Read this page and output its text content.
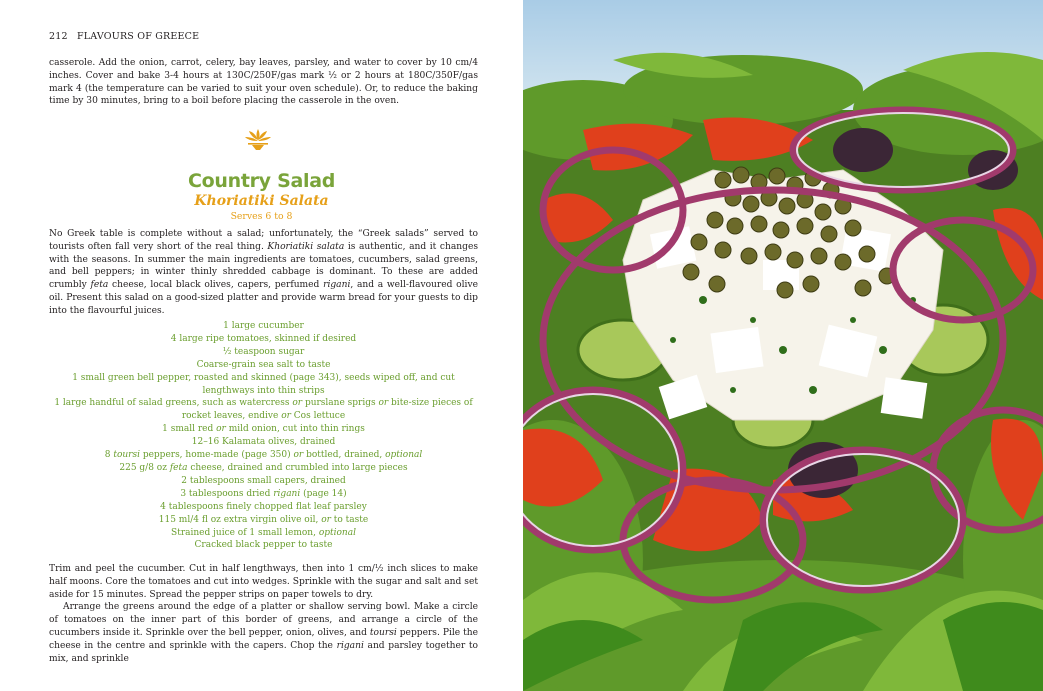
212 FLAVOURS OF GREECE
casserole. Add the onion, carrot, celery, bay leaves, parsley, and water to cover by 10 cm/4 inches. Cover and bake 3-4 hours at 130C/250F/gas mark ½ or 2 hours at 180C/350F/gas mark 4 (the temperature can be varied to suit your oven schedule). Or, to reduce the baking time by 30 minutes, bring to a boil before placing the casserole in the oven.
Country Salad
Khoriatiki Salata
Serves 6 to 8
No Greek table is complete without a salad; unfortunately, the “Greek salads” served to tourists often fall very short of the real thing. Khoriatiki salata is authentic, and it changes with the seasons. In summer the main ingredients are tomatoes, cucumbers, salad greens, and bell peppers; in winter thinly shredded cabbage is dominant. To these are added crumbly feta cheese, local black olives, capers, perfumed rigani, and a well-flavoured olive oil. Present this salad on a good-sized platter and provide warm bread for your guests to dip into the flavourful juices.
1 large cucumber
4 large ripe tomatoes, skinned if desired
½ teaspoon sugar
Coarse-grain sea salt to taste
1 small green bell pepper, roasted and skinned (page 343), seeds wiped off, and cut
lengthways into thin strips
1 large handful of salad greens, such as watercress or purslane sprigs or bite-size pieces of
rocket leaves, endive or Cos lettuce
1 small red or mild onion, cut into thin rings
12–16 Kalamata olives, drained
8 toursi peppers, home-made (page 350) or bottled, drained, optional
225 g/8 oz feta cheese, drained and crumbled into large pieces
2 tablespoons small capers, drained
3 tablespoons dried rigani (page 14)
4 tablespoons finely chopped flat leaf parsley
115 ml/4 fl oz extra virgin olive oil, or to taste
Strained juice of 1 small lemon, optional
Cracked black pepper to taste
Trim and peel the cucumber. Cut in half lengthways, then into 1 cm/½ inch slices to make half moons. Core the tomatoes and cut into wedges. Sprinkle with the sugar and salt and set aside for 15 minutes. Spread the pepper strips on paper towels to dry.
Arrange the greens around the edge of a platter or shallow serving bowl. Make a circle of tomatoes on the inner part of this border of greens, and arrange a circle of the cucumbers inside it. Sprinkle over the bell pepper, onion, olives, and toursi peppers. Pile the cheese in the centre and sprinkle with the capers. Chop the rigani and parsley together to mix, and sprinkle
